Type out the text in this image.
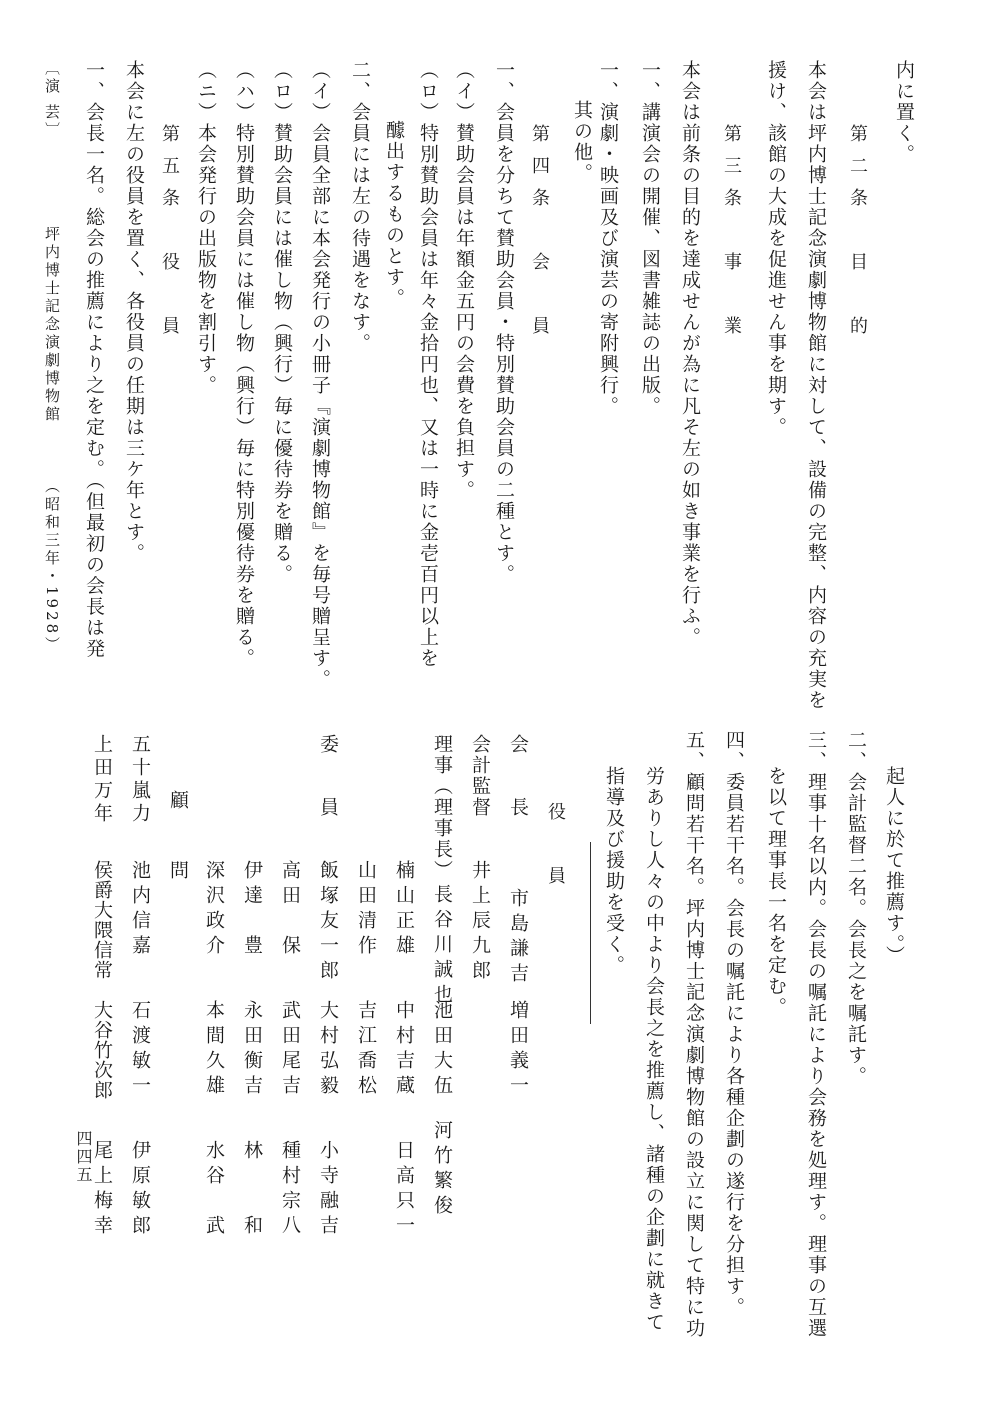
内に置く。
第二条　目　的
本会は坪内博士記念演劇博物館に対して、設備の完整、内容の充実を
援け、該館の大成を促進せん事を期す。
第三条　事　業
本会は前条の目的を達成せんが為に凡そ左の如き事業を行ふ。
一、講演会の開催、図書雑誌の出版。
一、演劇・映画及び演芸の寄附興行。
其の他。
第四条　会　員
一、会員を分ちて賛助会員・特別賛助会員の二種とす。
（イ）賛助会員は年額金五円の会費を負担す。
（ロ）特別賛助会員は年々金拾円也、又は一時に金壱百円以上を
醵出するものとす。
二、会員には左の待遇をなす。
（イ）会員全部に本会発行の小冊子『演劇博物館』を毎号贈呈す。
（ロ）賛助会員には催し物（興行）毎に優待券を贈る。
（ハ）特別賛助会員には催し物（興行）毎に特別優待券を贈る。
（ニ）本会発行の出版物を割引す。
第五条　役　員
本会に左の役員を置く、各役員の任期は三ケ年とす。
一、会長一名。総会の推薦により之を定む。（但最初の会長は発
〔演 芸〕
坪内博士記念演劇博物館
（昭和三年・1928）
起人に於て推薦す。）
二、会計監督二名。会長之を嘱託す。
三、理事十名以内。会長の嘱託により会務を処理す。理事の互選
を以て理事長一名を定む。
四、委員若干名。会長の嘱託により各種企劃の遂行を分担す。
五、顧問若干名。坪内博士記念演劇博物館の設立に関して特に功
労ありし人々の中より会長之を推薦し、諸種の企劃に就きて
指導及び援助を受く。
役　員
会　　長
市島謙吉
増田義一
会計監督
井上辰九郎
理事（理事長）
長谷川誠也
池田大伍
河竹繁俊
楠山正雄
中村吉蔵
日高只一
山田清作
吉江喬松
委　　員
飯塚友一郎
大村弘毅
小寺融吉
高田　保
武田尾吉
種村宗八
伊達　豊
永田衡吉
林　　和
深沢政介
本間久雄
水谷　武
顧　問
五十嵐力
池内信嘉
石渡敏一
伊原敏郎
上田万年
侯爵大隈信常
大谷竹次郎
尾上梅幸
四四五
